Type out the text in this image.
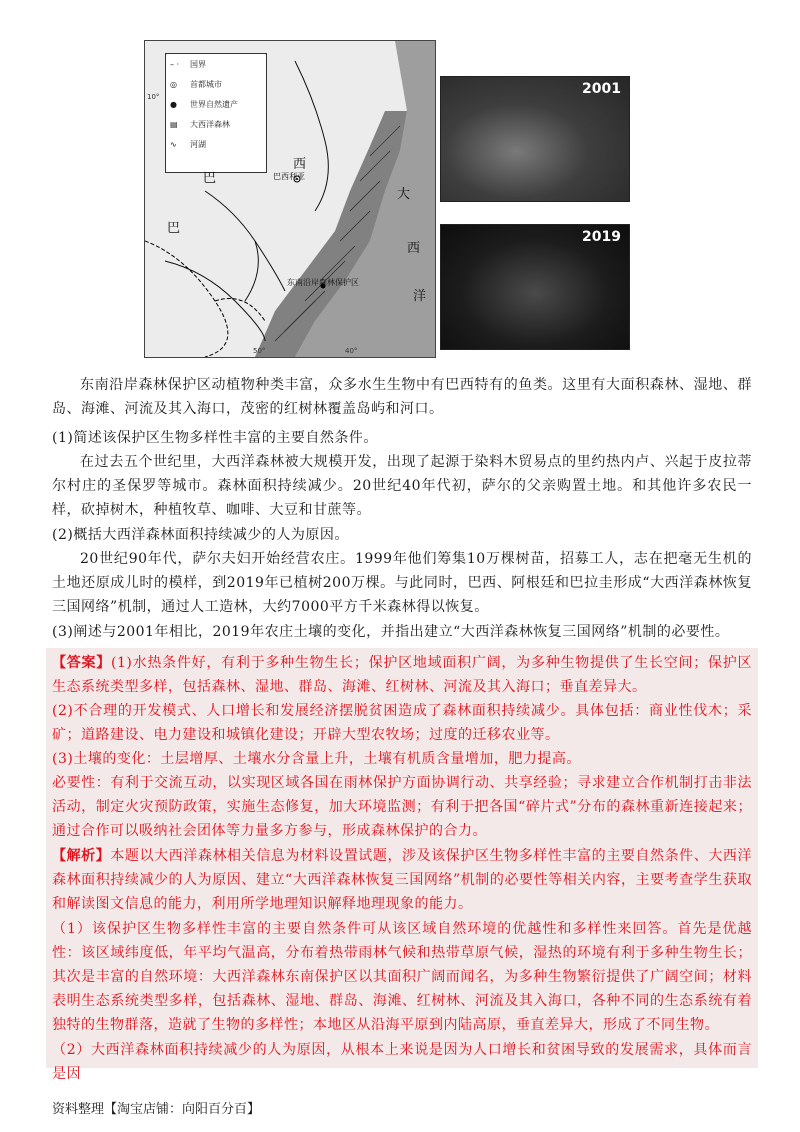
– ·	国界
◎	首都城市
●	世界自然遗产
▤	大西洋森林
∿	河湖
10°
50°	40°
巴
西
大
巴
巴西利亚
东南沿岸森林保护区
西
洋
2001
2019

东南沿岸森林保护区动植物种类丰富，众多水生生物中有巴西特有的鱼类。这里有大面积森林、湿地、群岛、海滩、河流及其入海口，茂密的红树林覆盖岛屿和河口。

(1)简述该保护区生物多样性丰富的主要自然条件。

在过去五个世纪里，大西洋森林被大规模开发，出现了起源于染料木贸易点的里约热内卢、兴起于皮拉蒂尔村庄的圣保罗等城市。森林面积持续减少。20世纪40年代初，萨尔的父亲购置土地。和其他许多农民一样，砍掉树木，种植牧草、咖啡、大豆和甘蔗等。

(2)概括大西洋森林面积持续减少的人为原因。

20世纪90年代，萨尔夫妇开始经营农庄。1999年他们筹集10万棵树苗，招募工人，志在把毫无生机的土地还原成儿时的模样，到2019年已植树200万棵。与此同时，巴西、阿根廷和巴拉圭形成“大西洋森林恢复三国网络”机制，通过人工造林，大约7000平方千米森林得以恢复。

(3)阐述与2001年相比，2019年农庄土壤的变化，并指出建立“大西洋森林恢复三国网络”机制的必要性。

【答案】(1)水热条件好，有利于多种生物生长；保护区地域面积广阔，为多种生物提供了生长空间；保护区生态系统类型多样，包括森林、湿地、群岛、海滩、红树林、河流及其入海口；垂直差异大。

(2)不合理的开发模式、人口增长和发展经济摆脱贫困造成了森林面积持续减少。具体包括：商业性伐木；采矿；道路建设、电力建设和城镇化建设；开辟大型农牧场；过度的迁移农业等。

(3)土壤的变化：土层增厚、土壤水分含量上升，土壤有机质含量增加，肥力提高。

必要性：有利于交流互动，以实现区域各国在雨林保护方面协调行动、共享经验；寻求建立合作机制打击非法活动，制定火灾预防政策，实施生态修复，加大环境监测；有利于把各国“碎片式”分布的森林重新连接起来；通过合作可以吸纳社会团体等力量多方参与，形成森林保护的合力。

【解析】本题以大西洋森林相关信息为材料设置试题，涉及该保护区生物多样性丰富的主要自然条件、大西洋森林面积持续减少的人为原因、建立“大西洋森林恢复三国网络”机制的必要性等相关内容，主要考查学生获取和解读图文信息的能力，利用所学地理知识解释地理现象的能力。

（1）该保护区生物多样性丰富的主要自然条件可从该区域自然环境的优越性和多样性来回答。首先是优越性：该区域纬度低，年平均气温高，分布着热带雨林气候和热带草原气候，湿热的环境有利于多种生物生长；其次是丰富的自然环境：大西洋森林东南保护区以其面积广阔而闻名，为多种生物繁衍提供了广阔空间；材料表明生态系统类型多样，包括森林、湿地、群岛、海滩、红树林、河流及其入海口，各种不同的生态系统有着独特的生物群落，造就了生物的多样性；本地区从沿海平原到内陆高原，垂直差异大，形成了不同生物。

（2）大西洋森林面积持续减少的人为原因，从根本上来说是因为人口增长和贫困导致的发展需求，具体而言是因

资料整理【淘宝店铺：向阳百分百】
